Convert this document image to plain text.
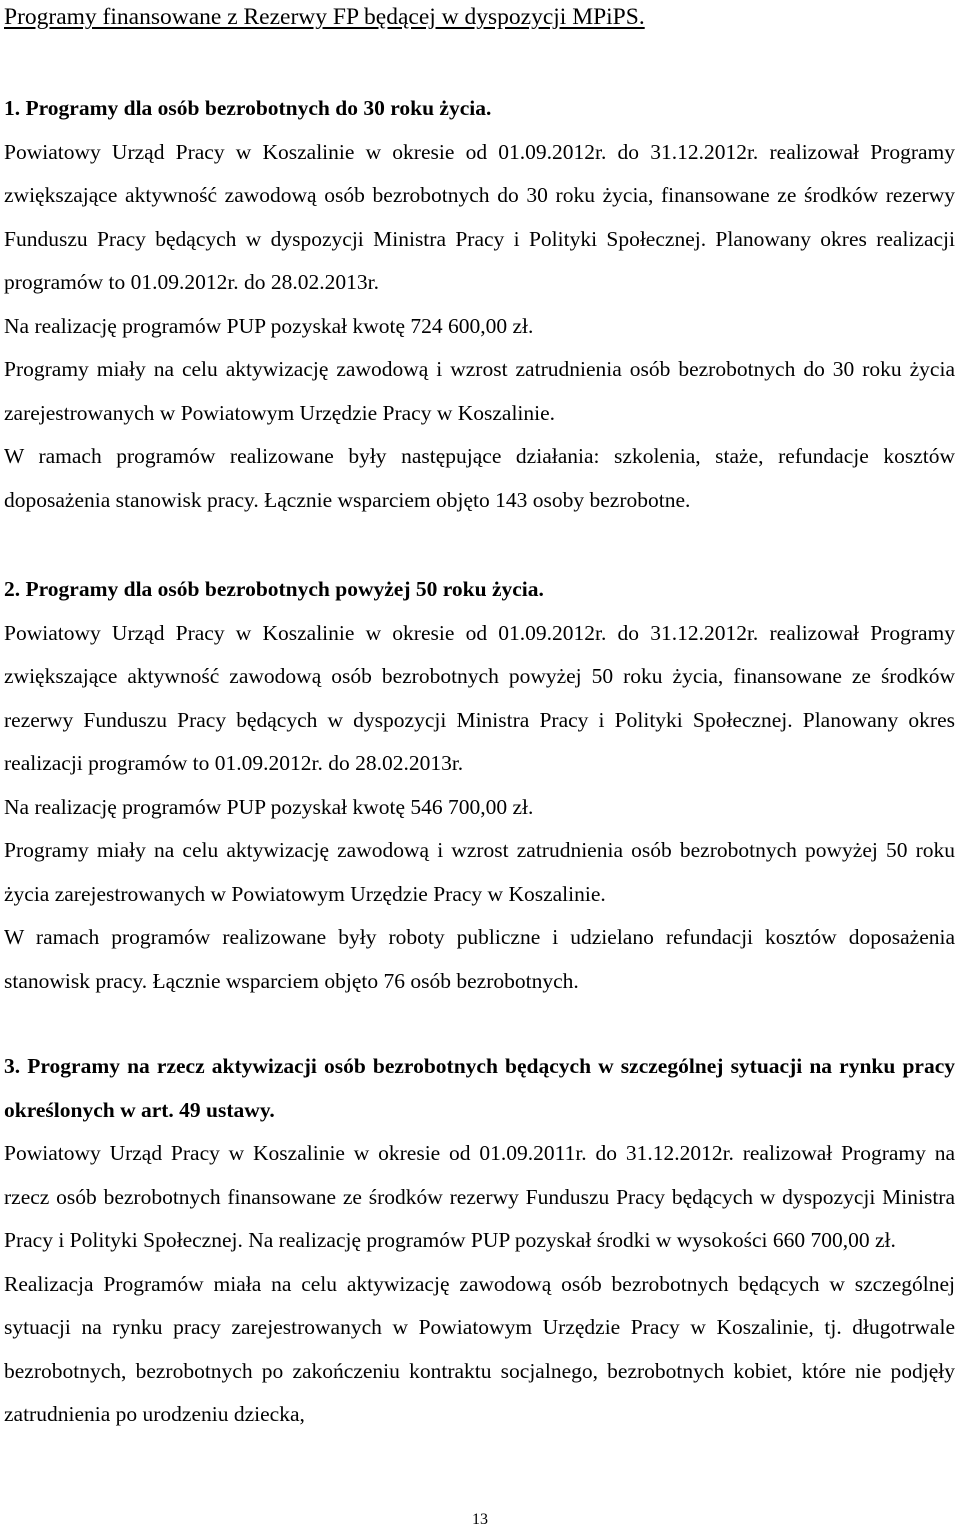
Programy finansowane z Rezerwy FP będącej w dyspozycji MPiPS.
1. Programy dla osób bezrobotnych do 30 roku życia.

Powiatowy Urząd Pracy w Koszalinie w okresie od 01.09.2012r. do 31.12.2012r. realizował Programy zwiększające aktywność zawodową osób bezrobotnych do 30 roku życia, finansowane ze środków rezerwy Funduszu Pracy będących w dyspozycji Ministra Pracy i Polityki Społecznej. Planowany okres realizacji programów to 01.09.2012r. do 28.02.2013r.

Na realizację programów PUP pozyskał kwotę 724 600,00 zł.

Programy miały na celu aktywizację zawodową i wzrost zatrudnienia osób bezrobotnych do 30 roku życia zarejestrowanych w Powiatowym Urzędzie Pracy w Koszalinie.

W ramach programów realizowane były następujące działania: szkolenia, staże, refundacje kosztów doposażenia stanowisk pracy. Łącznie wsparciem objęto 143 osoby bezrobotne.

2. Programy dla osób bezrobotnych powyżej 50 roku życia.

Powiatowy Urząd Pracy w Koszalinie w okresie od 01.09.2012r. do 31.12.2012r. realizował Programy zwiększające aktywność zawodową osób bezrobotnych powyżej 50 roku życia, finansowane ze środków rezerwy Funduszu Pracy będących w dyspozycji Ministra Pracy i Polityki Społecznej. Planowany okres realizacji programów to 01.09.2012r. do 28.02.2013r.

Na realizację programów PUP pozyskał kwotę 546 700,00 zł.

Programy miały na celu aktywizację zawodową i wzrost zatrudnienia osób bezrobotnych powyżej 50 roku życia zarejestrowanych w Powiatowym Urzędzie Pracy w Koszalinie.

W ramach programów realizowane były roboty publiczne i udzielano refundacji kosztów doposażenia stanowisk pracy. Łącznie wsparciem objęto 76 osób bezrobotnych.

3. Programy na rzecz aktywizacji osób bezrobotnych będących w szczególnej sytuacji na rynku pracy określonych w art. 49 ustawy.

Powiatowy Urząd Pracy w Koszalinie w okresie od 01.09.2011r. do 31.12.2012r. realizował Programy na rzecz osób bezrobotnych finansowane ze środków rezerwy Funduszu Pracy będących w dyspozycji Ministra Pracy i Polityki Społecznej. Na realizację programów PUP pozyskał środki w wysokości 660 700,00 zł.

Realizacja Programów miała na celu aktywizację zawodową osób bezrobotnych będących w szczególnej sytuacji na rynku pracy zarejestrowanych w Powiatowym Urzędzie Pracy w Koszalinie, tj. długotrwale bezrobotnych, bezrobotnych po zakończeniu kontraktu socjalnego, bezrobotnych kobiet, które nie podjęły zatrudnienia po urodzeniu dziecka,

13
